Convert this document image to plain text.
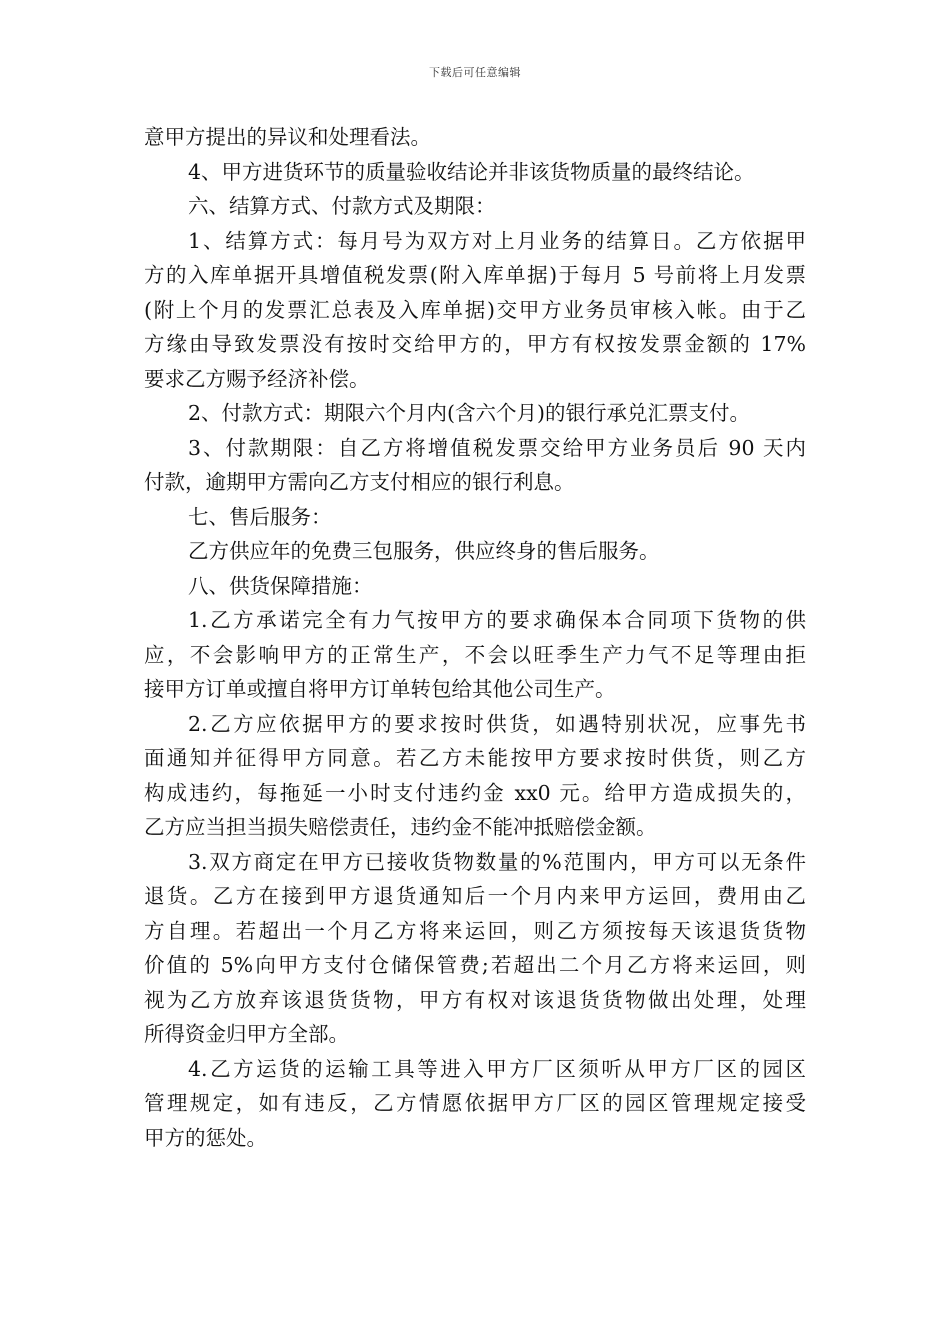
下载后可任意编辑
意甲方提出的异议和处理看法。
4、甲方进货环节的质量验收结论并非该货物质量的最终结论。
六、结算方式、付款方式及期限：
1、结算方式：每月号为双方对上月业务的结算日。乙方依据甲
方的入库单据开具增值税发票(附入库单据)于每月 5 号前将上月发票
(附上个月的发票汇总表及入库单据)交甲方业务员审核入帐。由于乙
方缘由导致发票没有按时交给甲方的，甲方有权按发票金额的 17%
要求乙方赐予经济补偿。
2、付款方式：期限六个月内(含六个月)的银行承兑汇票支付。
3、付款期限：自乙方将增值税发票交给甲方业务员后 90 天内
付款，逾期甲方需向乙方支付相应的银行利息。
七、售后服务：
乙方供应年的免费三包服务，供应终身的售后服务。
八、供货保障措施：
1.乙方承诺完全有力气按甲方的要求确保本合同项下货物的供
应，不会影响甲方的正常生产，不会以旺季生产力气不足等理由拒
接甲方订单或擅自将甲方订单转包给其他公司生产。
2.乙方应依据甲方的要求按时供货，如遇特别状况，应事先书
面通知并征得甲方同意。若乙方未能按甲方要求按时供货，则乙方
构成违约，每拖延一小时支付违约金 xx0 元。给甲方造成损失的，
乙方应当担当损失赔偿责任，违约金不能冲抵赔偿金额。
3.双方商定在甲方已接收货物数量的%范围内，甲方可以无条件
退货。乙方在接到甲方退货通知后一个月内来甲方运回，费用由乙
方自理。若超出一个月乙方将来运回，则乙方须按每天该退货货物
价值的 5%向甲方支付仓储保管费;若超出二个月乙方将来运回，则
视为乙方放弃该退货货物，甲方有权对该退货货物做出处理，处理
所得资金归甲方全部。
4.乙方运货的运输工具等进入甲方厂区须听从甲方厂区的园区
管理规定，如有违反，乙方情愿依据甲方厂区的园区管理规定接受
甲方的惩处。
